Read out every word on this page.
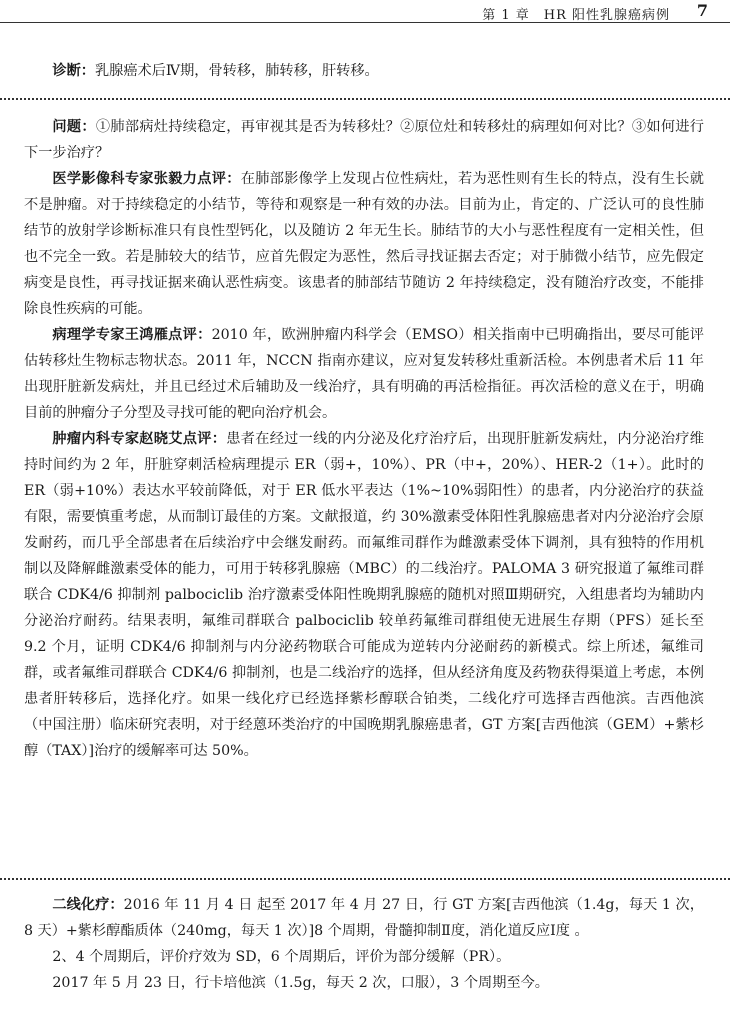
第 1 章　HR 阳性乳腺癌病例 7

诊断：乳腺癌术后Ⅳ期，骨转移，肺转移，肝转移。

问题：①肺部病灶持续稳定，再审视其是否为转移灶？②原位灶和转移灶的病理如何对比？③如何进行下一步治疗？

医学影像科专家张毅力点评：在肺部影像学上发现占位性病灶，若为恶性则有生长的特点，没有生长就不是肿瘤。对于持续稳定的小结节，等待和观察是一种有效的办法。目前为止，肯定的、广泛认可的良性肺结节的放射学诊断标准只有良性型钙化，以及随访 2 年无生长。肺结节的大小与恶性程度有一定相关性，但也不完全一致。若是肺较大的结节，应首先假定为恶性，然后寻找证据去否定；对于肺微小结节，应先假定病变是良性，再寻找证据来确认恶性病变。该患者的肺部结节随访 2 年持续稳定，没有随治疗改变，不能排除良性疾病的可能。

病理学专家王鸿雁点评：2010 年，欧洲肿瘤内科学会（EMSO）相关指南中已明确指出，要尽可能评估转移灶生物标志物状态。2011 年，NCCN 指南亦建议，应对复发转移灶重新活检。本例患者术后 11 年出现肝脏新发病灶，并且已经过术后辅助及一线治疗，具有明确的再活检指征。再次活检的意义在于，明确目前的肿瘤分子分型及寻找可能的靶向治疗机会。

肿瘤内科专家赵晓艾点评：患者在经过一线的内分泌及化疗治疗后，出现肝脏新发病灶，内分泌治疗维持时间约为 2 年，肝脏穿刺活检病理提示 ER（弱+，10%）、PR（中+，20%）、HER-2（1+）。此时的 ER（弱+10%）表达水平较前降低，对于 ER 低水平表达（1%~10%弱阳性）的患者，内分泌治疗的获益有限，需要慎重考虑，从而制订最佳的方案。文献报道，约 30%激素受体阳性乳腺癌患者对内分泌治疗会原发耐药，而几乎全部患者在后续治疗中会继发耐药。而氟维司群作为雌激素受体下调剂，具有独特的作用机制以及降解雌激素受体的能力，可用于转移乳腺癌（MBC）的二线治疗。PALOMA 3 研究报道了氟维司群联合 CDK4/6 抑制剂 palbociclib 治疗激素受体阳性晚期乳腺癌的随机对照Ⅲ期研究，入组患者均为辅助内分泌治疗耐药。结果表明，氟维司群联合 palbociclib 较单药氟维司群组使无进展生存期（PFS）延长至 9.2 个月，证明 CDK4/6 抑制剂与内分泌药物联合可能成为逆转内分泌耐药的新模式。综上所述，氟维司群，或者氟维司群联合 CDK4/6 抑制剂，也是二线治疗的选择，但从经济角度及药物获得渠道上考虑，本例患者肝转移后，选择化疗。如果一线化疗已经选择紫杉醇联合铂类，二线化疗可选择吉西他滨。吉西他滨（中国注册）临床研究表明，对于经蒽环类治疗的中国晚期乳腺癌患者，GT 方案[吉西他滨（GEM）+紫杉醇（TAX）]治疗的缓解率可达 50%。

二线化疗：2016 年 11 月 4 日 起至 2017 年 4 月 27 日，行 GT 方案[吉西他滨（1.4g，每天 1 次，8 天）+紫杉醇酯质体（240mg，每天 1 次）]8 个周期，骨髓抑制Ⅱ度，消化道反应Ⅰ度 。

2、4 个周期后，评价疗效为 SD，6 个周期后，评价为部分缓解（PR）。

2017 年 5 月 23 日，行卡培他滨（1.5g，每天 2 次，口服），3 个周期至今。
